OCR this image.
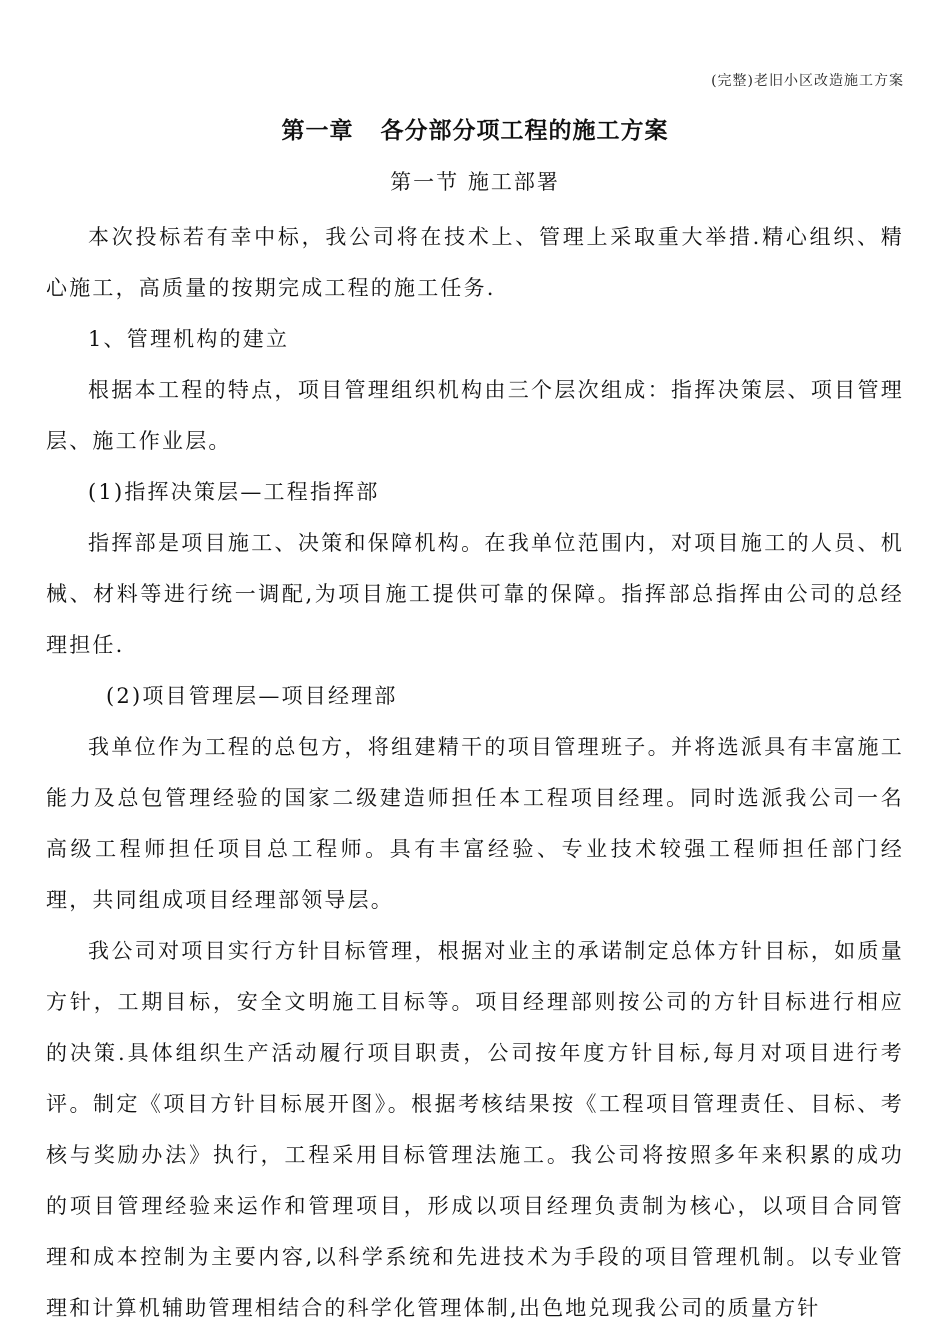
(完整)老旧小区改造施工方案
第一章   各分部分项工程的施工方案
第一节 施工部署

本次投标若有幸中标，我公司将在技术上、管理上采取重大举措.精心组织、精心施工，高质量的按期完成工程的施工任务.

1、管理机构的建立

根据本工程的特点，项目管理组织机构由三个层次组成：指挥决策层、项目管理层、施工作业层。

(1)指挥决策层—工程指挥部

指挥部是项目施工、决策和保障机构。在我单位范围内，对项目施工的人员、机械、材料等进行统一调配,为项目施工提供可靠的保障。指挥部总指挥由公司的总经理担任.

(2)项目管理层—项目经理部

我单位作为工程的总包方，将组建精干的项目管理班子。并将选派具有丰富施工能力及总包管理经验的国家二级建造师担任本工程项目经理。同时选派我公司一名高级工程师担任项目总工程师。具有丰富经验、专业技术较强工程师担任部门经理，共同组成项目经理部领导层。

我公司对项目实行方针目标管理，根据对业主的承诺制定总体方针目标，如质量方针，工期目标，安全文明施工目标等。项目经理部则按公司的方针目标进行相应的决策.具体组织生产活动履行项目职责，公司按年度方针目标,每月对项目进行考评。制定《项目方针目标展开图》。根据考核结果按《工程项目管理责任、目标、考核与奖励办法》执行，工程采用目标管理法施工。我公司将按照多年来积累的成功的项目管理经验来运作和管理项目，形成以项目经理负责制为核心，以项目合同管理和成本控制为主要内容,以科学系统和先进技术为手段的项目管理机制。以专业管理和计算机辅助管理相结合的科学化管理体制,出色地兑现我公司的质量方针
